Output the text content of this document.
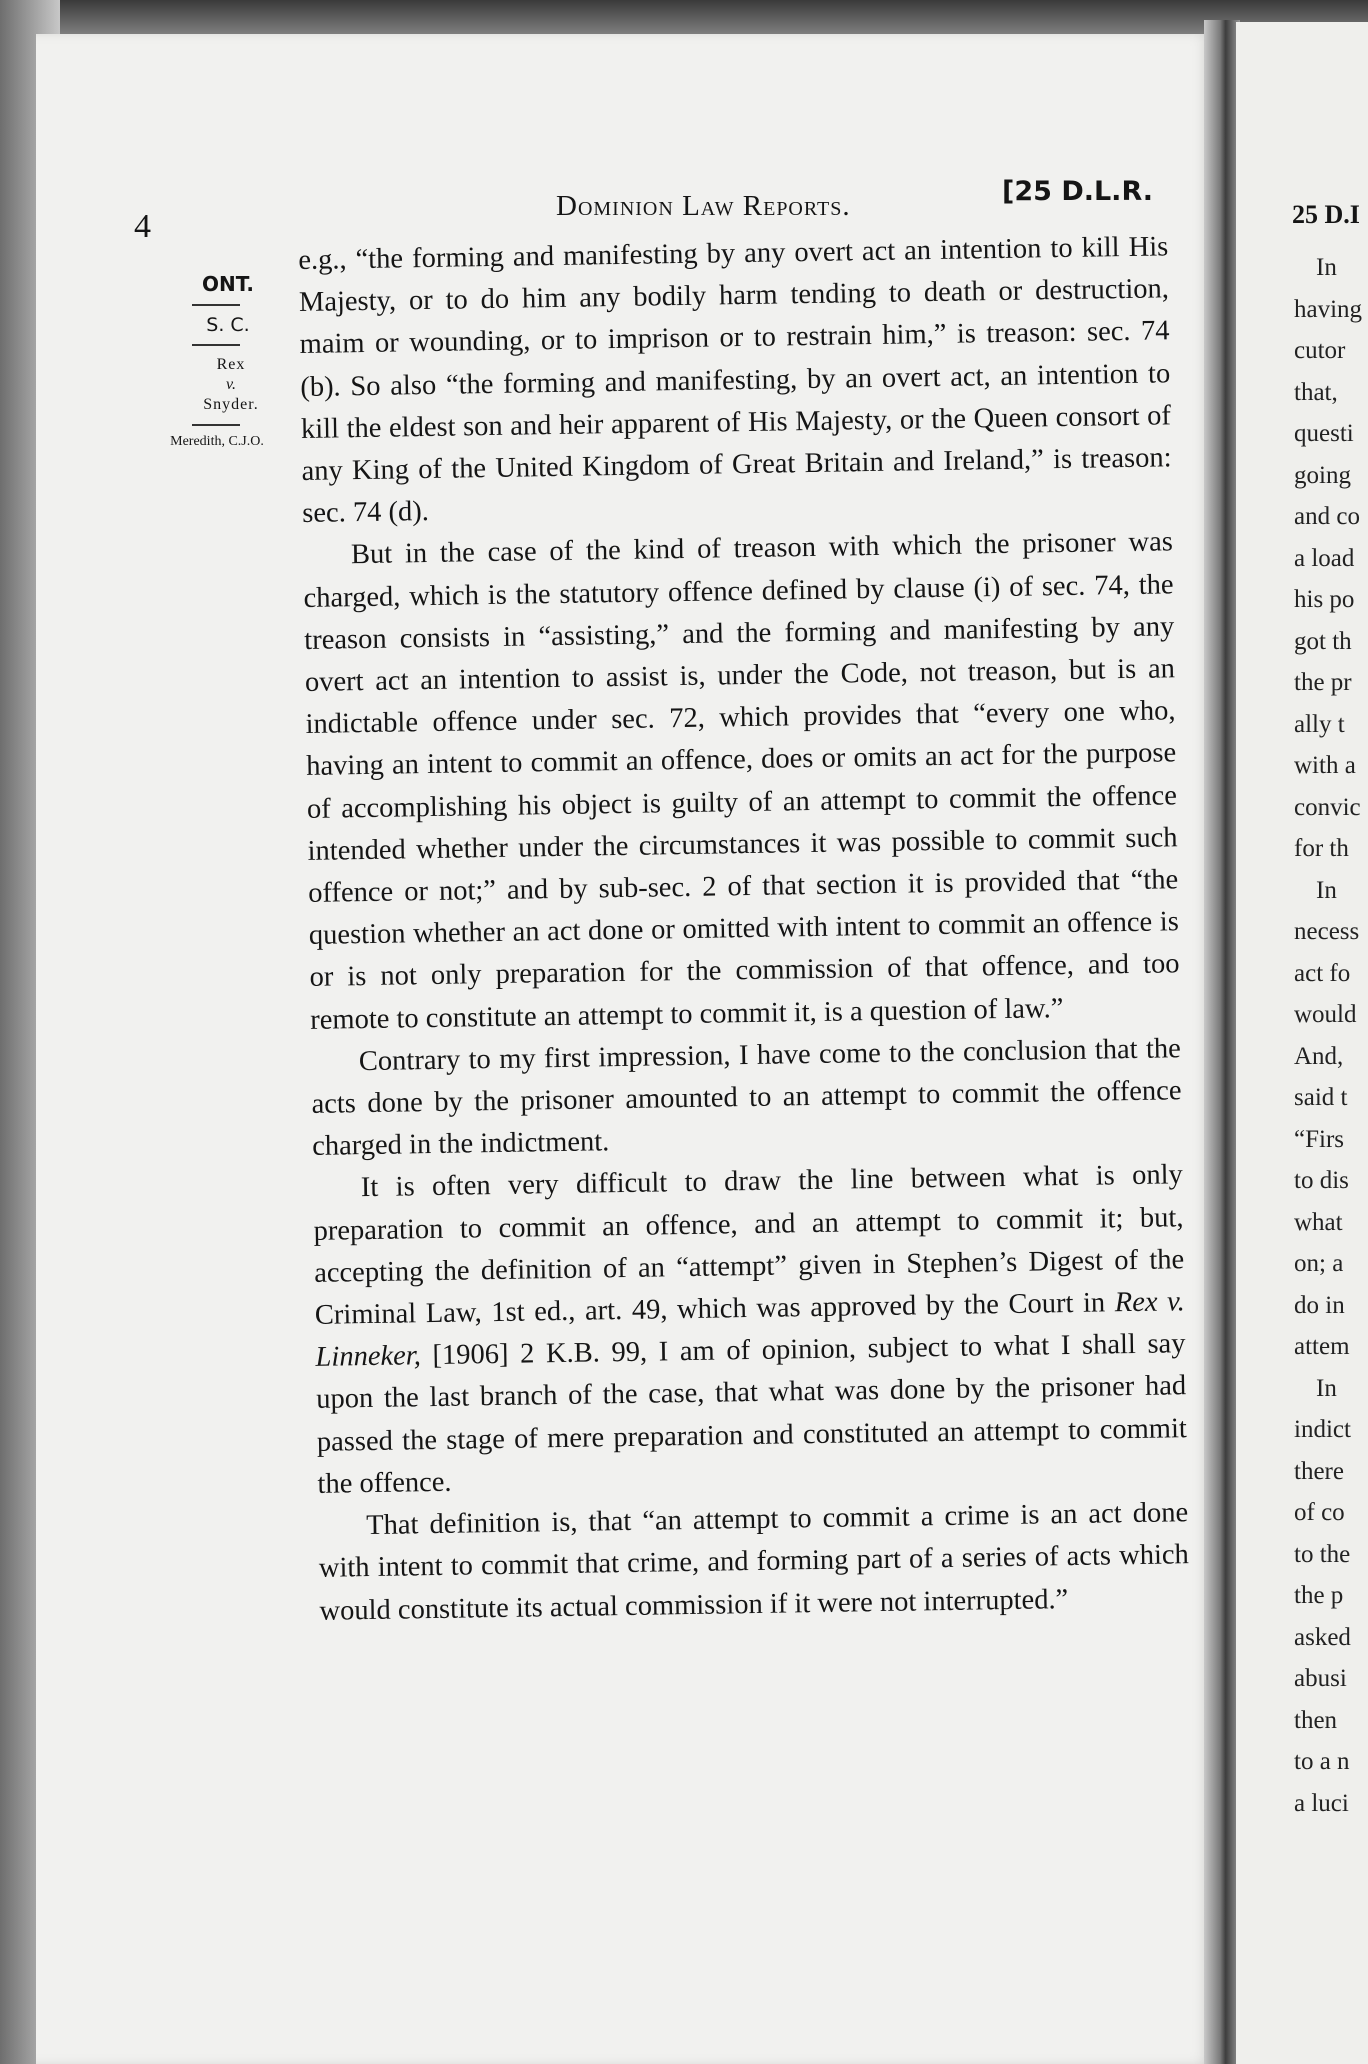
25 D.I
In
having
cutor
that,
questi
going
and co
a load
his po
got th
the pr
ally t
with a
convic
for th
In
necess
act fo
would
And,
said t
“Firs
to dis
what
on; a
do in
attem
In
indict
there
of co
to the
the p
asked
abusi
then
to a n
a luci
4
Dominion Law Reports.	[25 D.L.R.
ONT.
S. C.
Rex
v.
Snyder.
Meredith, C.J.O.

e.g., “the forming and manifesting by any overt act an intention to kill His Majesty, or to do him any bodily harm tending to death or destruction, maim or wounding, or to imprison or to restrain him,” is treason: sec. 74 (b). So also “the forming and manifesting, by an overt act, an intention to kill the eldest son and heir apparent of His Majesty, or the Queen consort of any King of the United Kingdom of Great Britain and Ireland,” is treason: sec. 74 (d).

But in the case of the kind of treason with which the prisoner was charged, which is the statutory offence defined by clause (i) of sec. 74, the treason consists in “assisting,” and the forming and manifesting by any overt act an intention to assist is, under the Code, not treason, but is an indictable offence under sec. 72, which provides that “every one who, having an intent to commit an offence, does or omits an act for the purpose of accomplishing his object is guilty of an attempt to commit the offence intended whether under the circumstances it was possible to commit such offence or not;” and by sub-sec. 2 of that section it is provided that “the question whether an act done or omitted with intent to commit an offence is or is not only preparation for the commission of that offence, and too remote to constitute an attempt to commit it, is a question of law.”

Contrary to my first impression, I have come to the conclusion that the acts done by the prisoner amounted to an attempt to commit the offence charged in the indictment.

It is often very difficult to draw the line between what is only preparation to commit an offence, and an attempt to commit it; but, accepting the definition of an “attempt” given in Stephen’s Digest of the Criminal Law, 1st ed., art. 49, which was approved by the Court in Rex v. Linneker, [1906] 2 K.B. 99, I am of opinion, subject to what I shall say upon the last branch of the case, that what was done by the prisoner had passed the stage of mere preparation and constituted an attempt to commit the offence.

That definition is, that “an attempt to commit a crime is an act done with intent to commit that crime, and forming part of a series of acts which would constitute its actual commission if it were not interrupted.”
